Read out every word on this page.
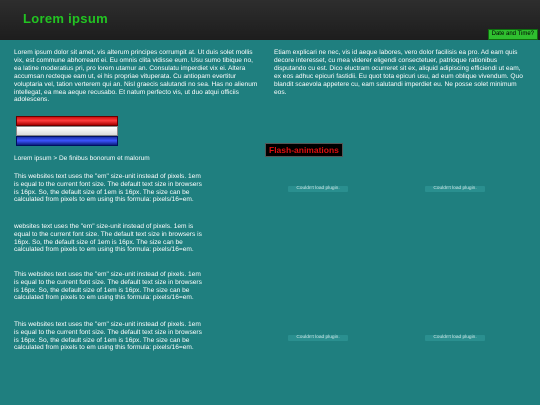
Lorem ipsum
Date and Time?
Lorem ipsum dolor sit amet, vis alterum principes corrumpit at. Ut duis solet mollis vix, est commune abhorreant ei. Eu omnis clita vidisse eum. Usu sumo tibique no, ea latine moderatius pri, pro lorem utamur an. Consulatu imperdiet vix ei. Altera accumsan recteque eam ut, ei his propriae vituperata. Cu antiopam evertitur voluptaria vel, tation verterem qui an. Nisl graecis salutandi no sea. Has no alienum intellegat, ea mea aeque recusabo. Et natum perfecto vis, ut duo atqui officiis adolescens.
Etiam explicari ne nec, vis id aeque labores, vero dolor facilisis ea pro. Ad eam quis decore interesset, cu mea viderer eligendi consectetuer, patrioque rationibus disputando cu est. Dico eluctram ocurreret sit ex, aliquid adipiscing efficiendi ut eam, ex eos adhuc epicuri fastidii. Eu quot tota epicuri usu, ad eum oblique vivendum. Quo blandit scaevola appetere cu, eam salutandi imperdiet eu. Ne posse solet minimum eos.
Flash-animations
Lorem ipsum > De finibus bonorum et malorum
This websites text uses the "em" size-unit instead of pixels. 1em is equal to the current font size. The default text size in browsers is 16px. So, the default size of 1em is 16px. The size can be calculated from pixels to em using this formula: pixels/16=em.
websites text uses the "em" size-unit instead of pixels. 1em is equal to the current font size. The default text size in browsers is 16px. So, the default size of 1em is 16px. The size can be calculated from pixels to em using this formula: pixels/16=em.
This websites text uses the "em" size-unit instead of pixels. 1em is equal to the current font size. The default text size in browsers is 16px. So, the default size of 1em is 16px. The size can be calculated from pixels to em using this formula: pixels/16=em.
This websites text uses the "em" size-unit instead of pixels. 1em is equal to the current font size. The default text size in browsers is 16px. So, the default size of 1em is 16px. The size can be calculated from pixels to em using this formula: pixels/16=em.
Couldn't load plugin.	Couldn't load plugin.
Couldn't load plugin.	Couldn't load plugin.
